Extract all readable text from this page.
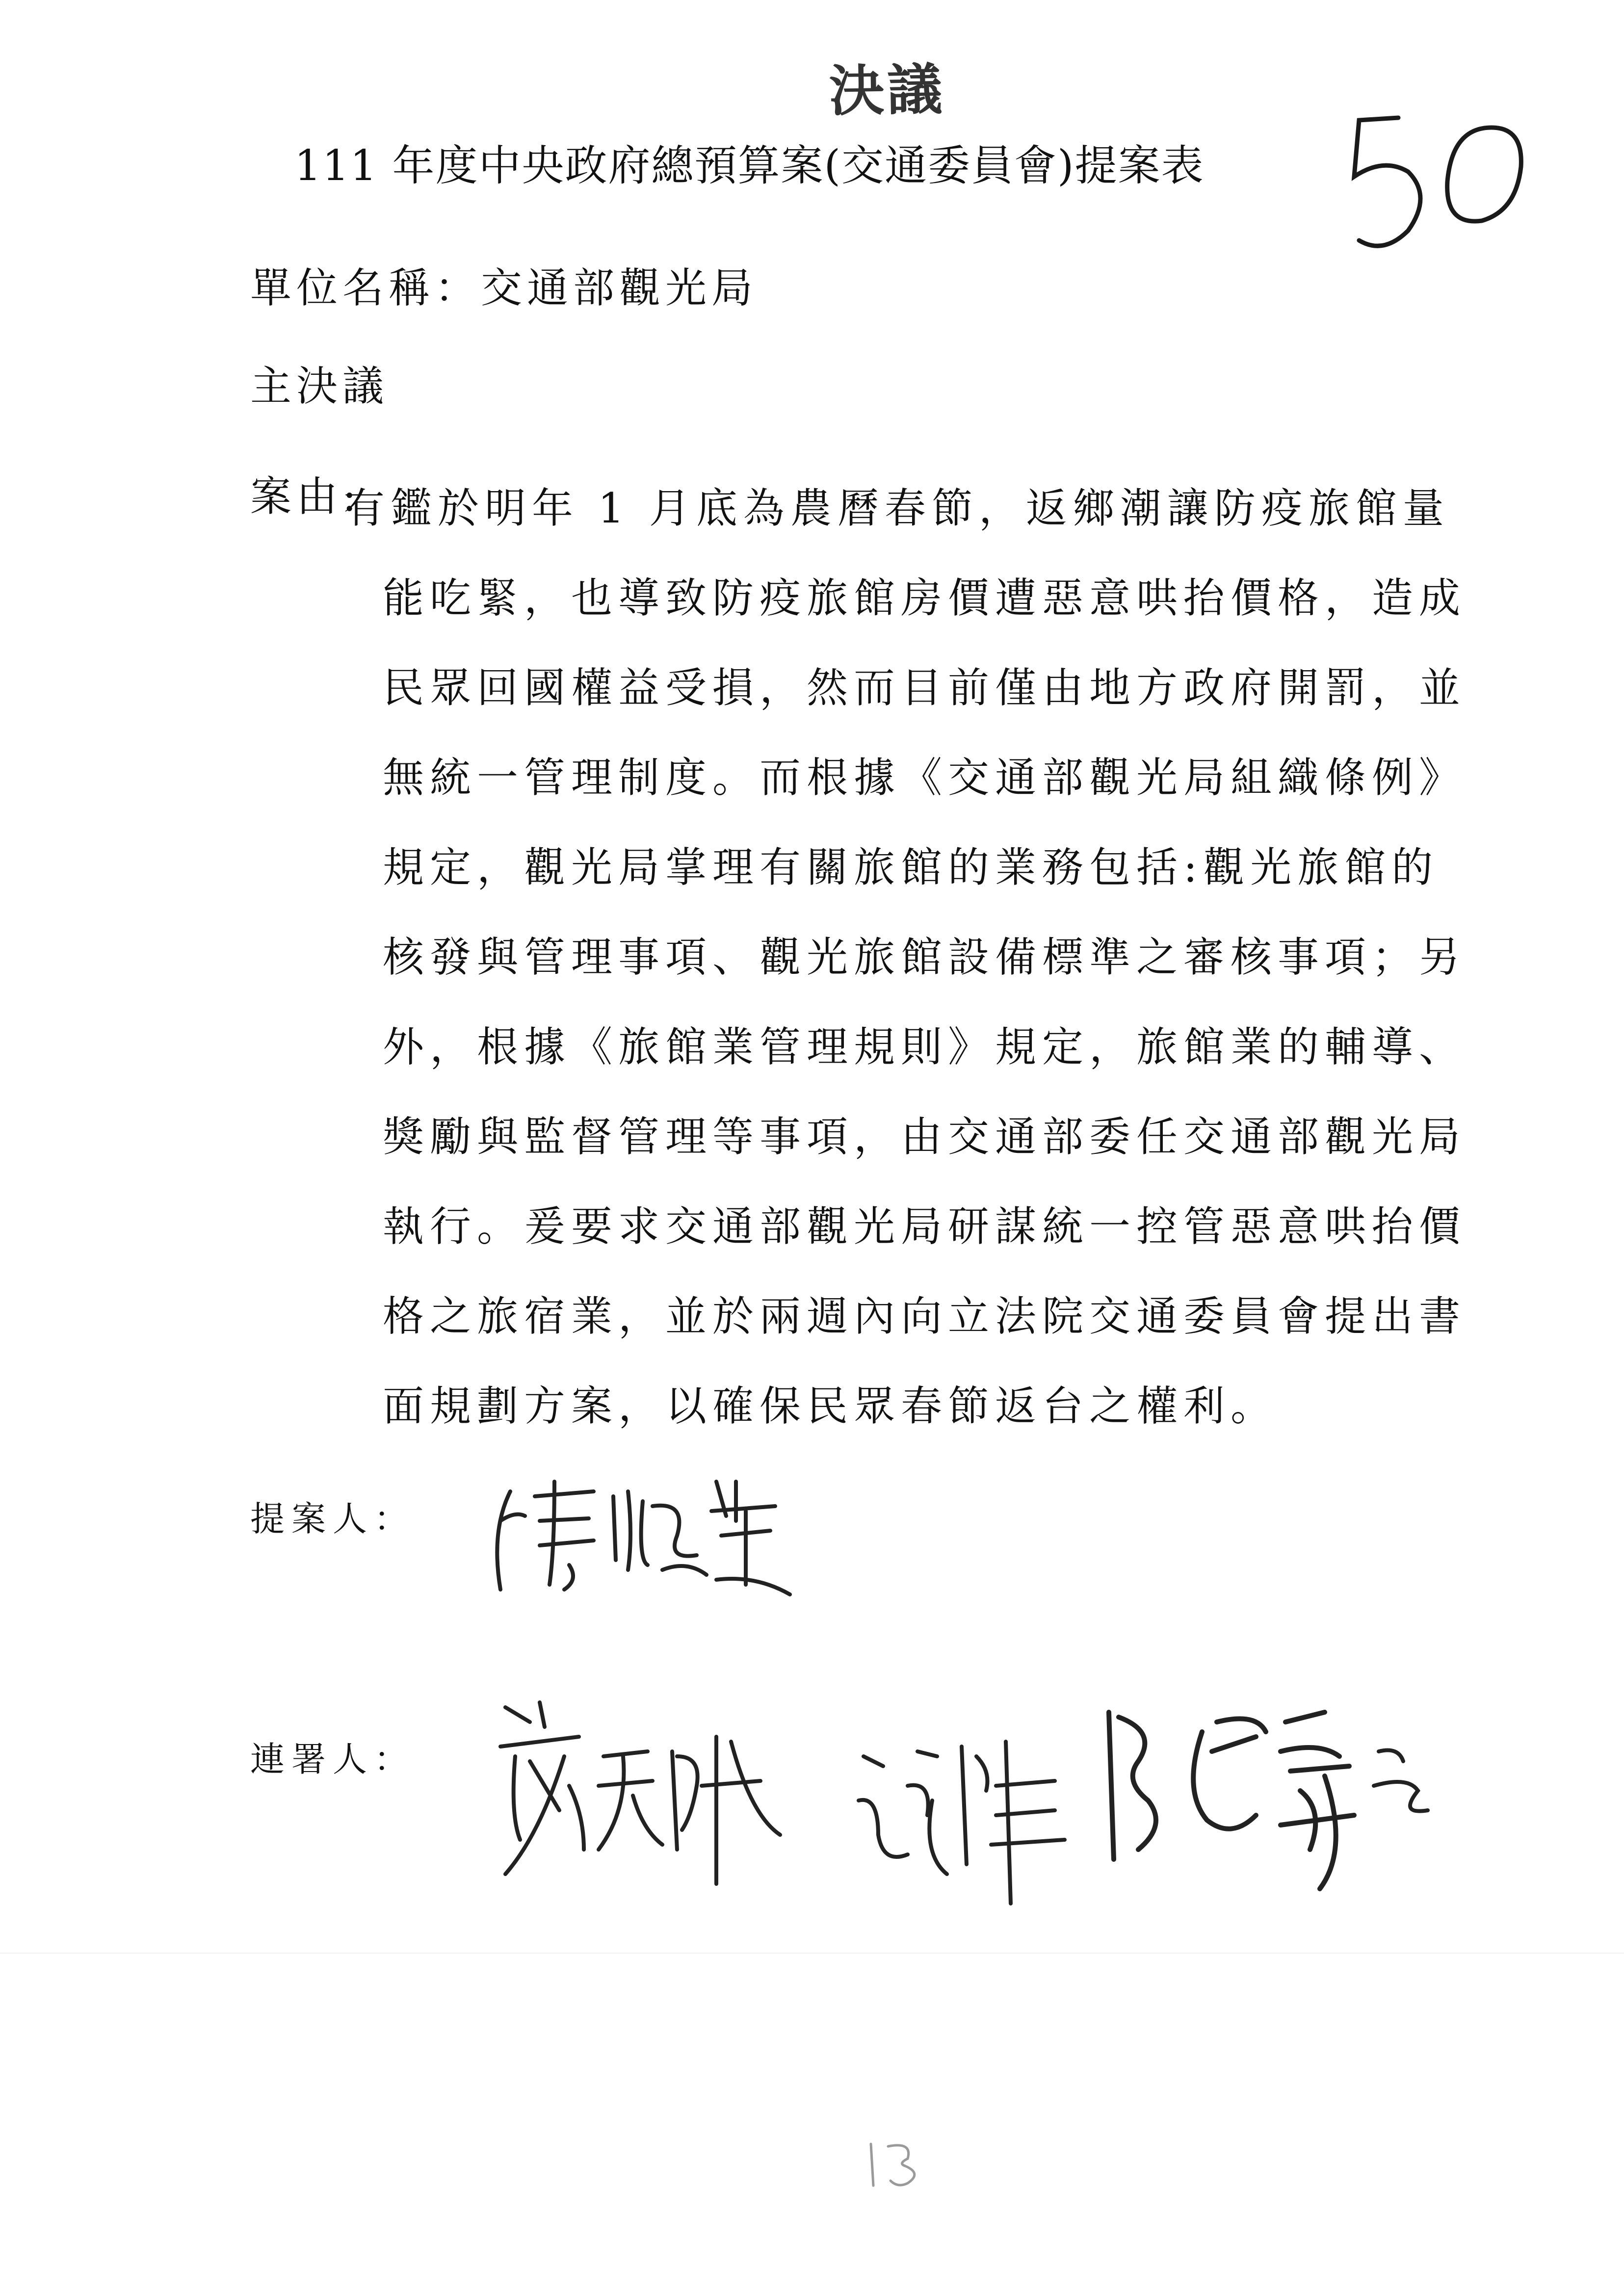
決議
111 年度中央政府總預算案(交通委員會)提案表
單位名稱：交通部觀光局
主決議
案由:
有鑑於明年 1 月底為農曆春節，返鄉潮讓防疫旅館量
能吃緊，也導致防疫旅館房價遭惡意哄抬價格，造成
民眾回國權益受損，然而目前僅由地方政府開罰，並
無統一管理制度。而根據《交通部觀光局組織條例》
規定，觀光局掌理有關旅館的業務包括:觀光旅館的
核發與管理事項、觀光旅館設備標準之審核事項；另
外，根據《旅館業管理規則》規定，旅館業的輔導、
獎勵與監督管理等事項，由交通部委任交通部觀光局
執行。爰要求交通部觀光局研謀統一控管惡意哄抬價
格之旅宿業，並於兩週內向立法院交通委員會提出書
面規劃方案，以確保民眾春節返台之權利。
提案人：
連署人：
